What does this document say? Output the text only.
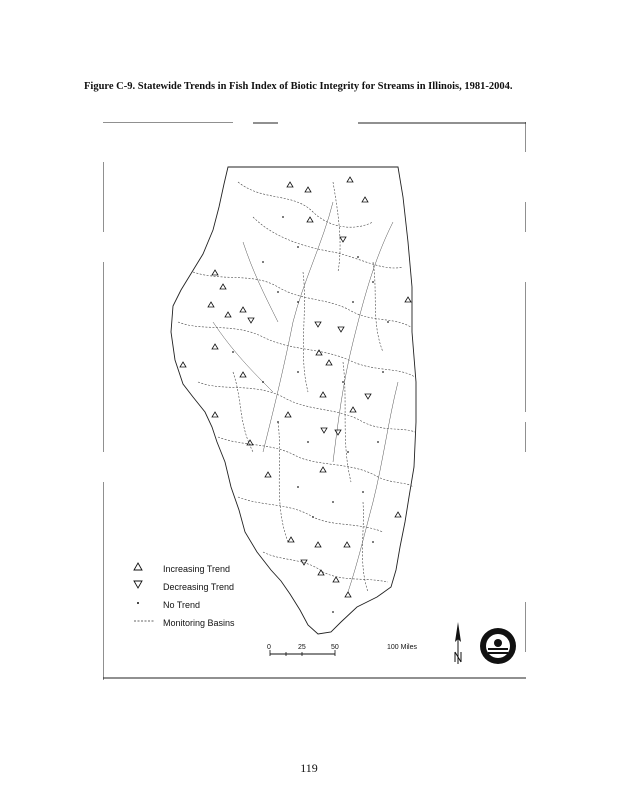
Figure C-9. Statewide Trends in Fish Index of Biotic Integrity for Streams in Illinois, 1981-2004.
Increasing Trend
Decreasing Trend
No Trend
Monitoring Basins
0	25	50	100 Miles
119
